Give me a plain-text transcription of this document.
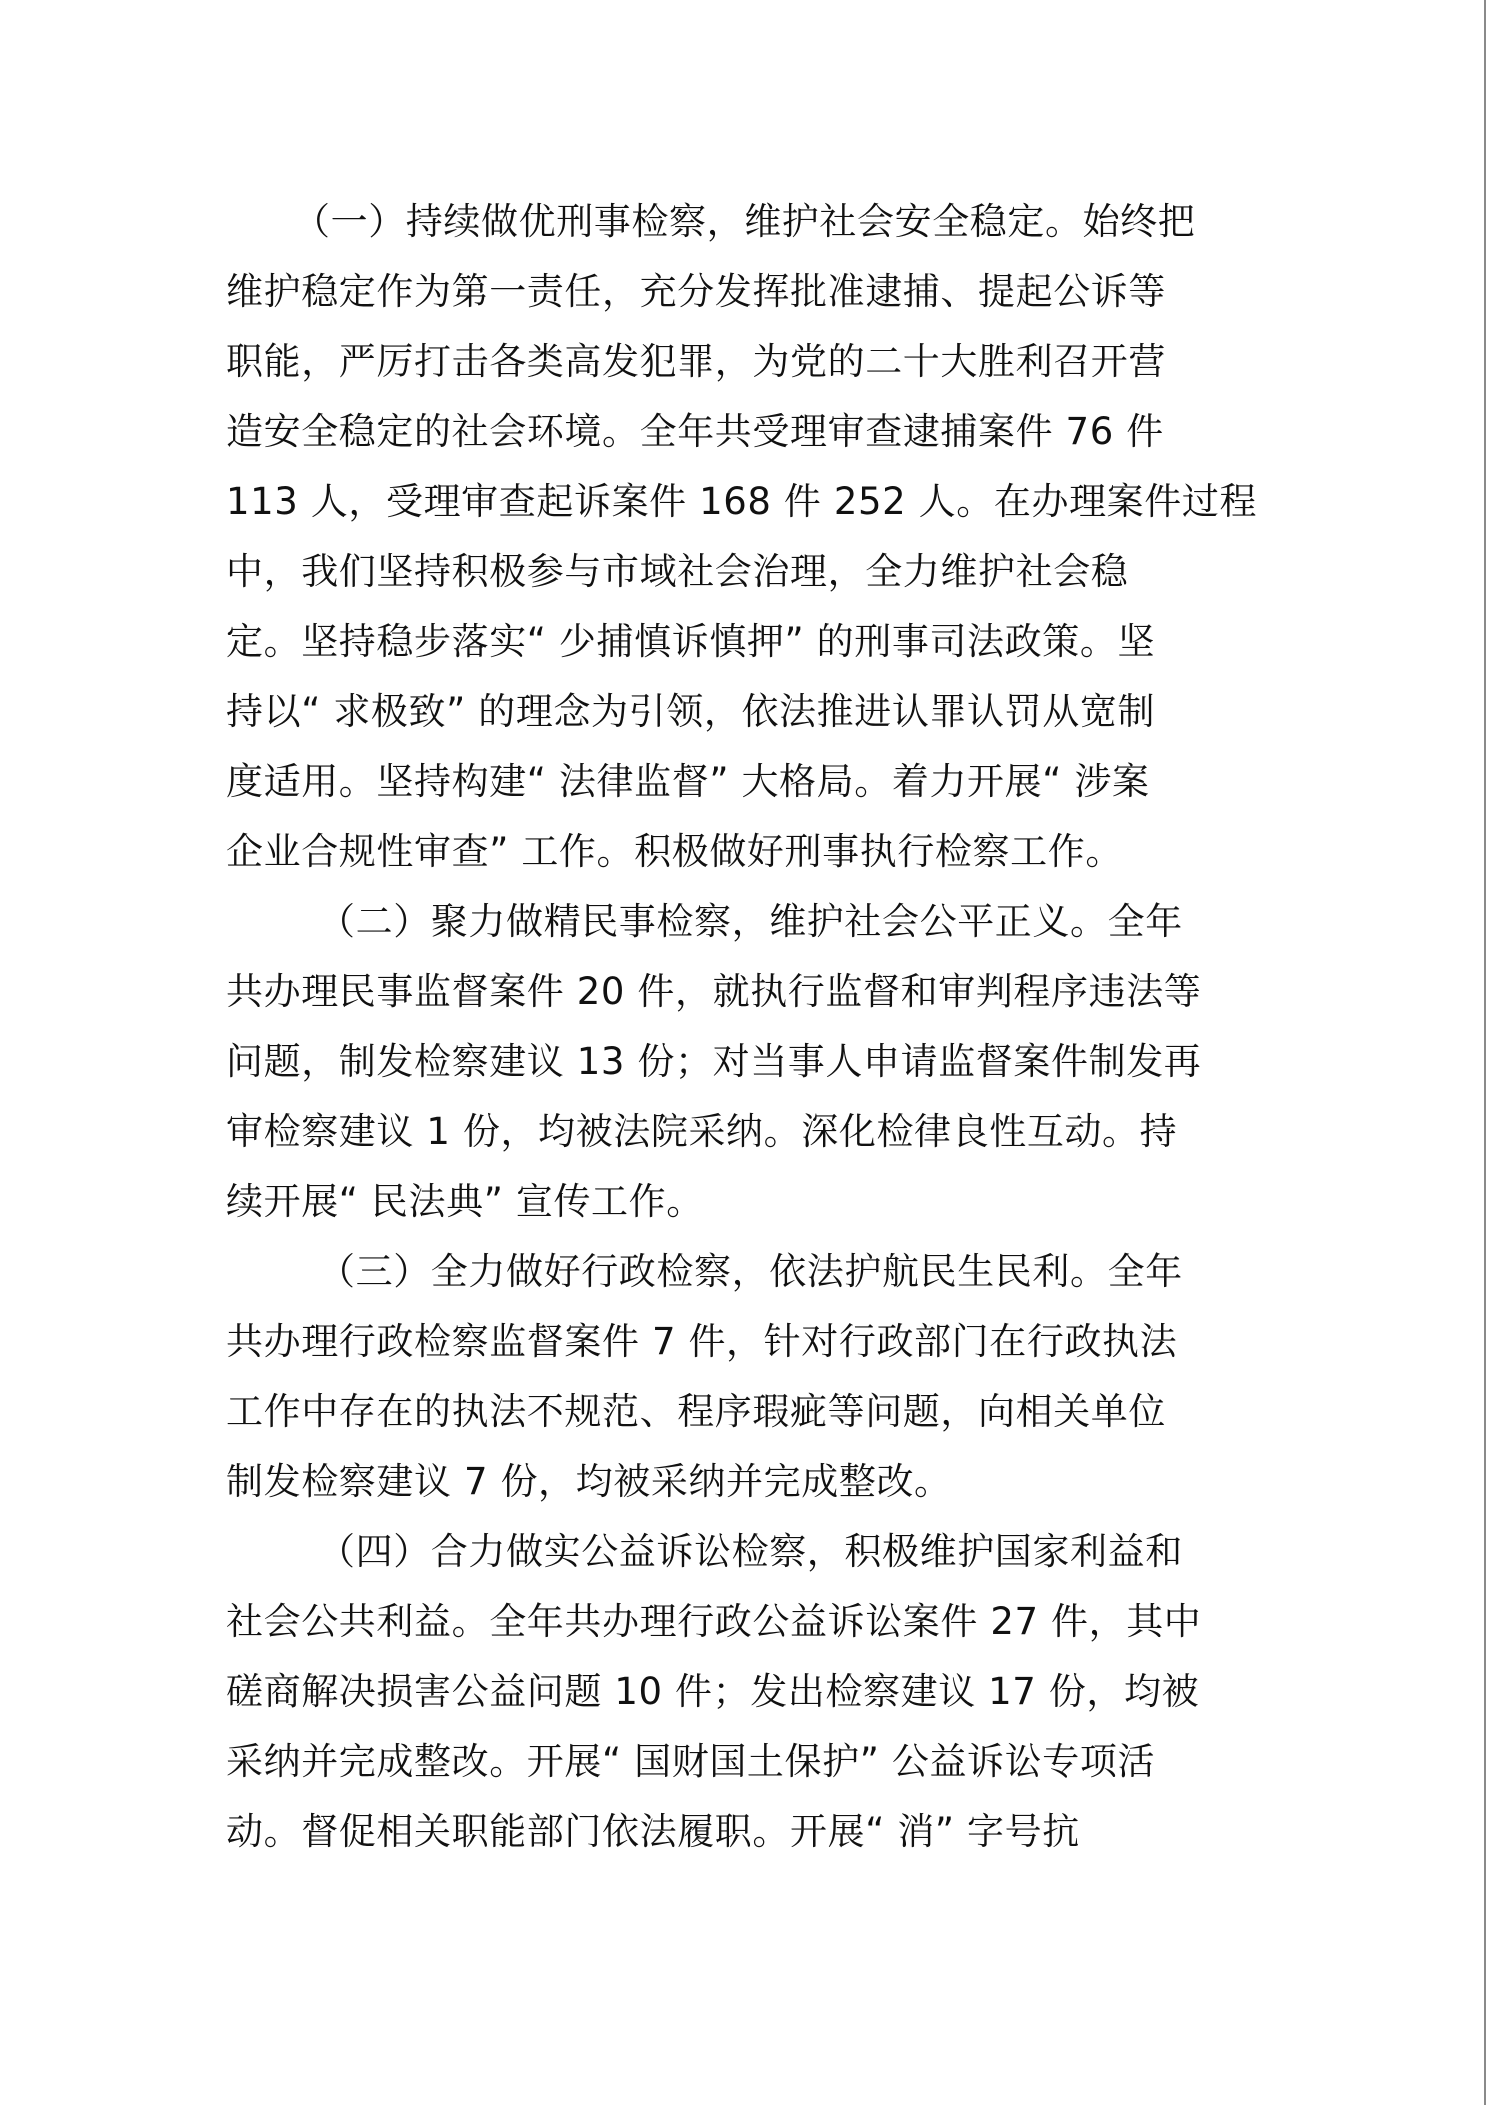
（一）持续做优刑事检察，维护社会安全稳定。始终把

维护稳定作为第一责任，充分发挥批准逮捕、提起公诉等

职能，严厉打击各类高发犯罪，为党的二十大胜利召开营

造安全稳定的社会环境。全年共受理审查逮捕案件 76 件

113 人，受理审查起诉案件 168 件 252 人。在办理案件过程

中，我们坚持积极参与市域社会治理，全力维护社会稳

定。坚持稳步落实“ 少捕慎诉慎押” 的刑事司法政策。坚

持以“ 求极致” 的理念为引领，依法推进认罪认罚从宽制

度适用。坚持构建“ 法律监督” 大格局。着力开展“ 涉案

企业合规性审查” 工作。积极做好刑事执行检察工作。

（二）聚力做精民事检察，维护社会公平正义。全年

共办理民事监督案件 20 件，就执行监督和审判程序违法等

问题，制发检察建议 13 份；对当事人申请监督案件制发再

审检察建议 1 份，均被法院采纳。深化检律良性互动。持

续开展“ 民法典” 宣传工作。

（三）全力做好行政检察，依法护航民生民利。全年

共办理行政检察监督案件 7 件，针对行政部门在行政执法

工作中存在的执法不规范、程序瑕疵等问题，向相关单位

制发检察建议 7 份，均被采纳并完成整改。

（四）合力做实公益诉讼检察，积极维护国家利益和

社会公共利益。全年共办理行政公益诉讼案件 27 件，其中

磋商解决损害公益问题 10 件；发出检察建议 17 份，均被

采纳并完成整改。开展“ 国财国土保护” 公益诉讼专项活

动。督促相关职能部门依法履职。开展“ 消” 字号抗
